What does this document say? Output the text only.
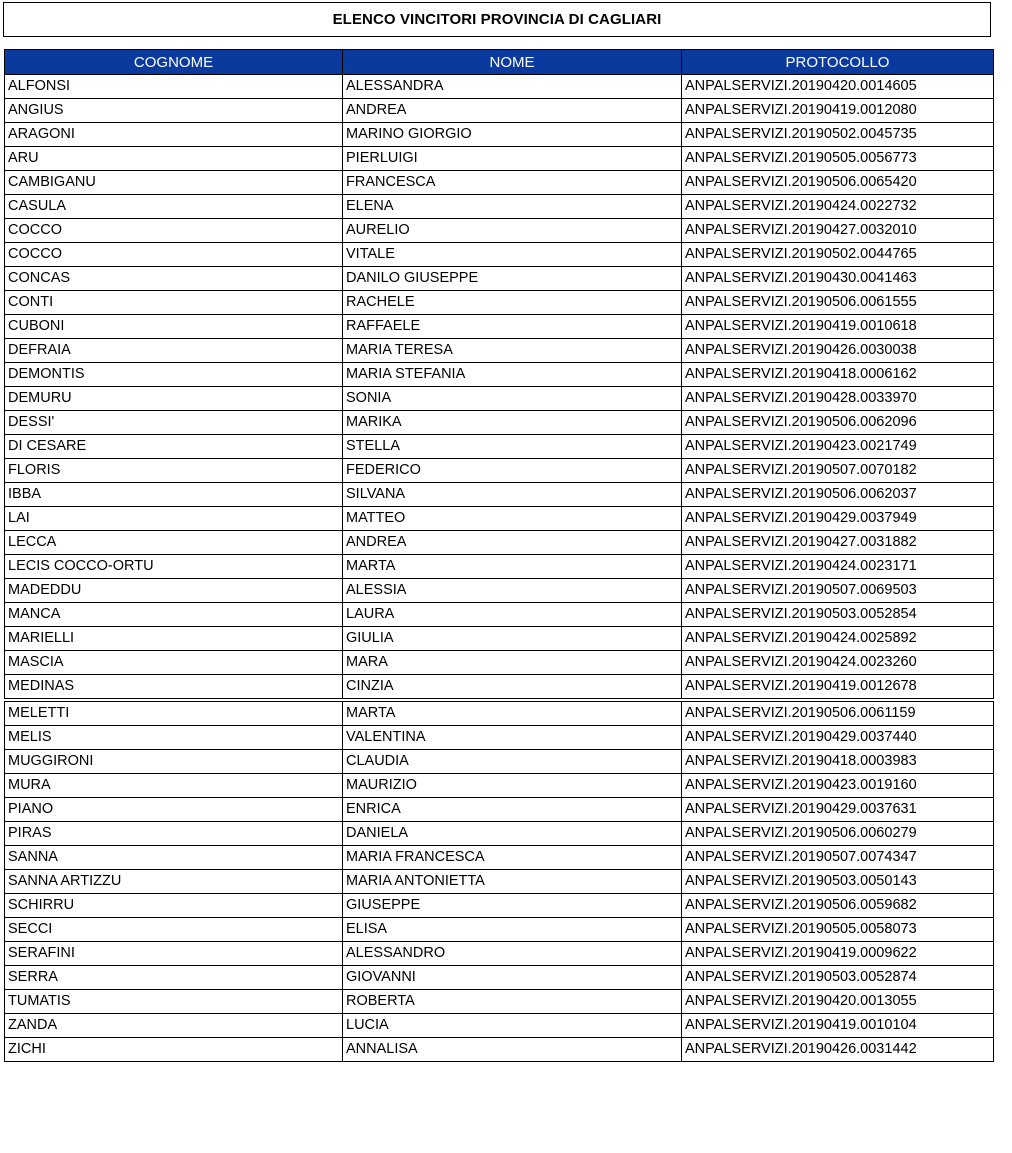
ELENCO VINCITORI PROVINCIA DI CAGLIARI
COGNOME	NOME	PROTOCOLLO
ALFONSI	ALESSANDRA	ANPALSERVIZI.20190420.0014605
ANGIUS	ANDREA	ANPALSERVIZI.20190419.0012080
ARAGONI	MARINO GIORGIO	ANPALSERVIZI.20190502.0045735
ARU	PIERLUIGI	ANPALSERVIZI.20190505.0056773
CAMBIGANU	FRANCESCA	ANPALSERVIZI.20190506.0065420
CASULA	ELENA	ANPALSERVIZI.20190424.0022732
COCCO	AURELIO	ANPALSERVIZI.20190427.0032010
COCCO	VITALE	ANPALSERVIZI.20190502.0044765
CONCAS	DANILO GIUSEPPE	ANPALSERVIZI.20190430.0041463
CONTI	RACHELE	ANPALSERVIZI.20190506.0061555
CUBONI	RAFFAELE	ANPALSERVIZI.20190419.0010618
DEFRAIA	MARIA TERESA	ANPALSERVIZI.20190426.0030038
DEMONTIS	MARIA STEFANIA	ANPALSERVIZI.20190418.0006162
DEMURU	SONIA	ANPALSERVIZI.20190428.0033970
DESSI'	MARIKA	ANPALSERVIZI.20190506.0062096
DI CESARE	STELLA	ANPALSERVIZI.20190423.0021749
FLORIS	FEDERICO	ANPALSERVIZI.20190507.0070182
IBBA	SILVANA	ANPALSERVIZI.20190506.0062037
LAI	MATTEO	ANPALSERVIZI.20190429.0037949
LECCA	ANDREA	ANPALSERVIZI.20190427.0031882
LECIS COCCO-ORTU	MARTA	ANPALSERVIZI.20190424.0023171
MADEDDU	ALESSIA	ANPALSERVIZI.20190507.0069503
MANCA	LAURA	ANPALSERVIZI.20190503.0052854
MARIELLI	GIULIA	ANPALSERVIZI.20190424.0025892
MASCIA	MARA	ANPALSERVIZI.20190424.0023260
MEDINAS	CINZIA	ANPALSERVIZI.20190419.0012678
MELETTI	MARTA	ANPALSERVIZI.20190506.0061159
MELIS	VALENTINA	ANPALSERVIZI.20190429.0037440
MUGGIRONI	CLAUDIA	ANPALSERVIZI.20190418.0003983
MURA	MAURIZIO	ANPALSERVIZI.20190423.0019160
PIANO	ENRICA	ANPALSERVIZI.20190429.0037631
PIRAS	DANIELA	ANPALSERVIZI.20190506.0060279
SANNA	MARIA FRANCESCA	ANPALSERVIZI.20190507.0074347
SANNA ARTIZZU	MARIA ANTONIETTA	ANPALSERVIZI.20190503.0050143
SCHIRRU	GIUSEPPE	ANPALSERVIZI.20190506.0059682
SECCI	ELISA	ANPALSERVIZI.20190505.0058073
SERAFINI	ALESSANDRO	ANPALSERVIZI.20190419.0009622
SERRA	GIOVANNI	ANPALSERVIZI.20190503.0052874
TUMATIS	ROBERTA	ANPALSERVIZI.20190420.0013055
ZANDA	LUCIA	ANPALSERVIZI.20190419.0010104
ZICHI	ANNALISA	ANPALSERVIZI.20190426.0031442
